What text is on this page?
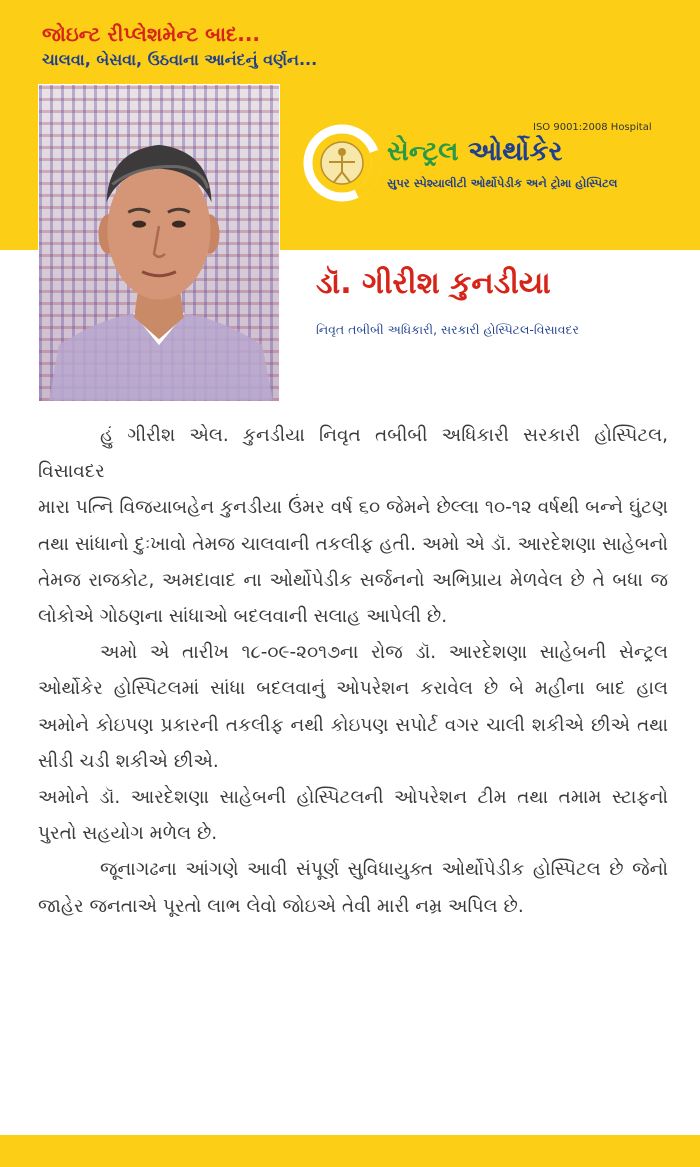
જોઇન્ટ રીપ્લેશમેન્ટ બાદ...
ચાલવા, બેસવા, ઉઠવાના આનંદનું વર્ણન...
ISO 9001:2008 Hospital
સેન્ટ્રલ ઓર્થોકેર
સુપર સ્પેશ્યાલીટી ઓર્થોપેડીક અને ટ્રોમા હોસ્પિટલ
ડૉ. ગીરીશ કુનડીયા
નિવૃત તબીબી અધિકારી, સરકારી હોસ્પિટલ-વિસાવદર

હું ગીરીશ એલ. કુનડીયા નિવૃત તબીબી અધિકારી સરકારી હોસ્પિટલ, વિસાવદર

મારા પત્નિ વિજયાબહેન કુનડીયા ઉંમર વર્ષ ૬૦ જેમને છેલ્લા ૧૦-૧૨ વર્ષથી બન્ને ઘુંટણ તથા સાંધાનો દુઃખાવો તેમજ ચાલવાની તકલીફ હતી. અમો એ ડૉ. આરદેશણા સાહેબનો તેમજ રાજકોટ, અમદાવાદ ના ઓર્થોપેડીક સર્જનનો અભિપ્રાય મેળવેલ છે તે બધા જ લોકોએ ગોઠણના સાંધાઓ બદલવાની સલાહ આપેલી છે.

અમો એ તારીખ ૧૮-૦૯-૨૦૧૭ના રોજ ડૉ. આરદેશણા સાહેબની સેન્ટ્રલ ઓર્થોકેર હોસ્પિટલમાં સાંધા બદલવાનું ઓપરેશન કરાવેલ છે બે મહીના બાદ હાલ અમોને કોઇપણ પ્રકારની તકલીફ નથી કોઇપણ સપોર્ટ વગર ચાલી શકીએ છીએ તથા સીડી ચડી શકીએ છીએ.

અમોને ડૉ. આરદેશણા સાહેબની હોસ્પિટલની ઓપરેશન ટીમ તથા તમામ સ્ટાફનો પુરતો સહયોગ મળેલ છે.

જૂનાગઢના આંગણે આવી સંપૂર્ણ સુવિધાયુક્ત ઓર્થોપેડીક હોસ્પિટલ છે જેનો જાહેર જનતાએ પૂરતો લાભ લેવો જોઇએ તેવી મારી નમ્ર અપિલ છે.
